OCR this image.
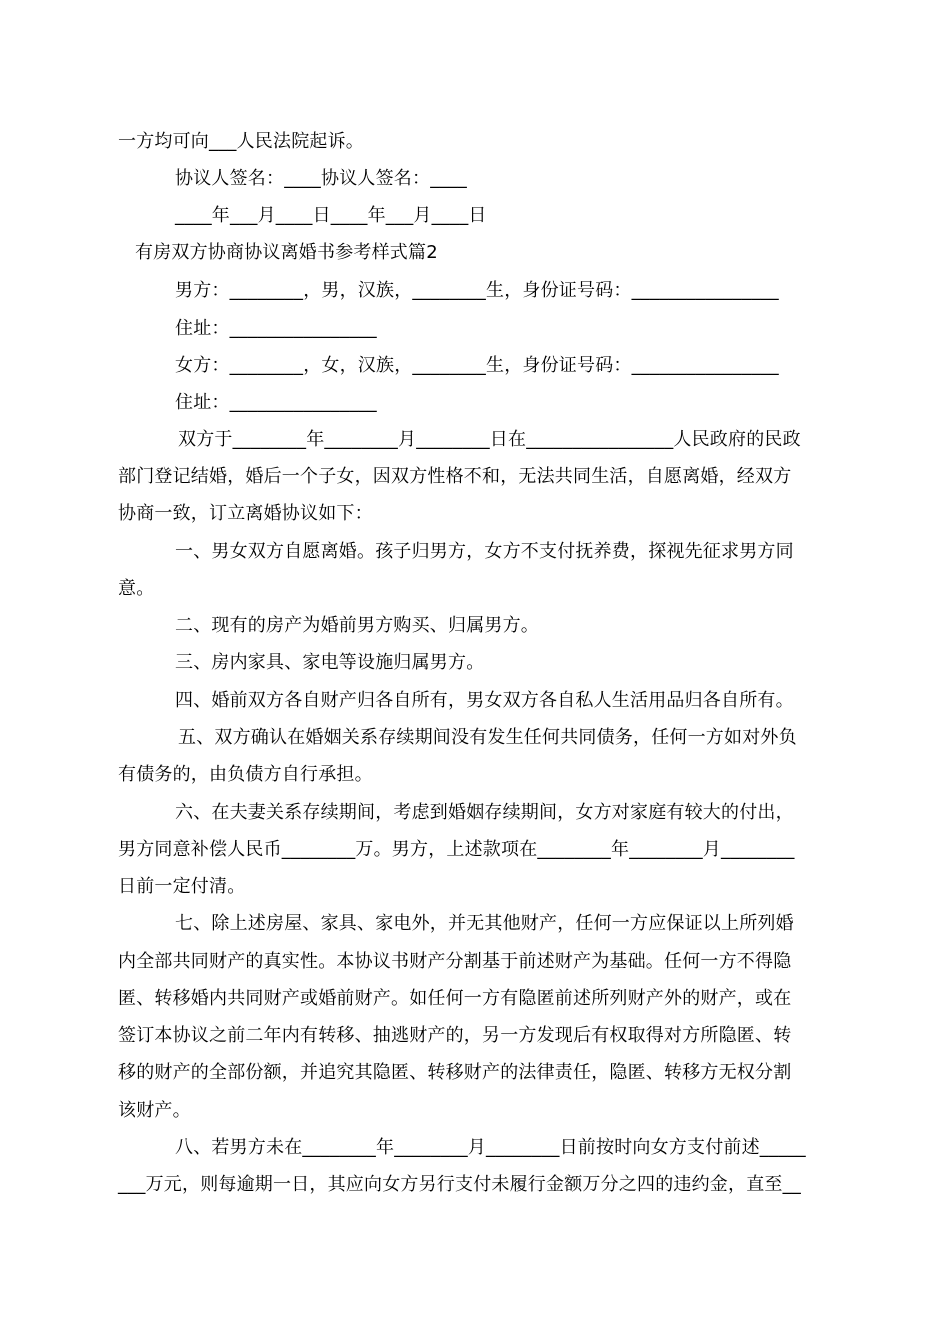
一方均可向___人民法院起诉。
协议人签名：____协议人签名：____
____年___月____日____年___月____日
有房双方协商协议离婚书参考样式篇2
男方：________，男，汉族，________生，身份证号码：________________
住址：________________
女方：________，女，汉族，________生，身份证号码：________________
住址：________________
双方于________年________月________日在________________人民政府的民政
部门登记结婚，婚后一个子女，因双方性格不和，无法共同生活，自愿离婚，经双方
协商一致，订立离婚协议如下：
一、男女双方自愿离婚。孩子归男方，女方不支付抚养费，探视先征求男方同
意。
二、现有的房产为婚前男方购买、归属男方。
三、房内家具、家电等设施归属男方。
四、婚前双方各自财产归各自所有，男女双方各自私人生活用品归各自所有。
五、双方确认在婚姻关系存续期间没有发生任何共同债务，任何一方如对外负
有债务的，由负债方自行承担。
六、在夫妻关系存续期间，考虑到婚姻存续期间，女方对家庭有较大的付出，
男方同意补偿人民币________万。男方，上述款项在________年________月________
日前一定付清。
七、除上述房屋、家具、家电外，并无其他财产，任何一方应保证以上所列婚
内全部共同财产的真实性。本协议书财产分割基于前述财产为基础。任何一方不得隐
匿、转移婚内共同财产或婚前财产。如任何一方有隐匿前述所列财产外的财产，或在
签订本协议之前二年内有转移、抽逃财产的，另一方发现后有权取得对方所隐匿、转
移的财产的全部份额，并追究其隐匿、转移财产的法律责任，隐匿、转移方无权分割
该财产。
八、若男方未在________年________月________日前按时向女方支付前述_____
___万元，则每逾期一日，其应向女方另行支付未履行金额万分之四的违约金，直至__
